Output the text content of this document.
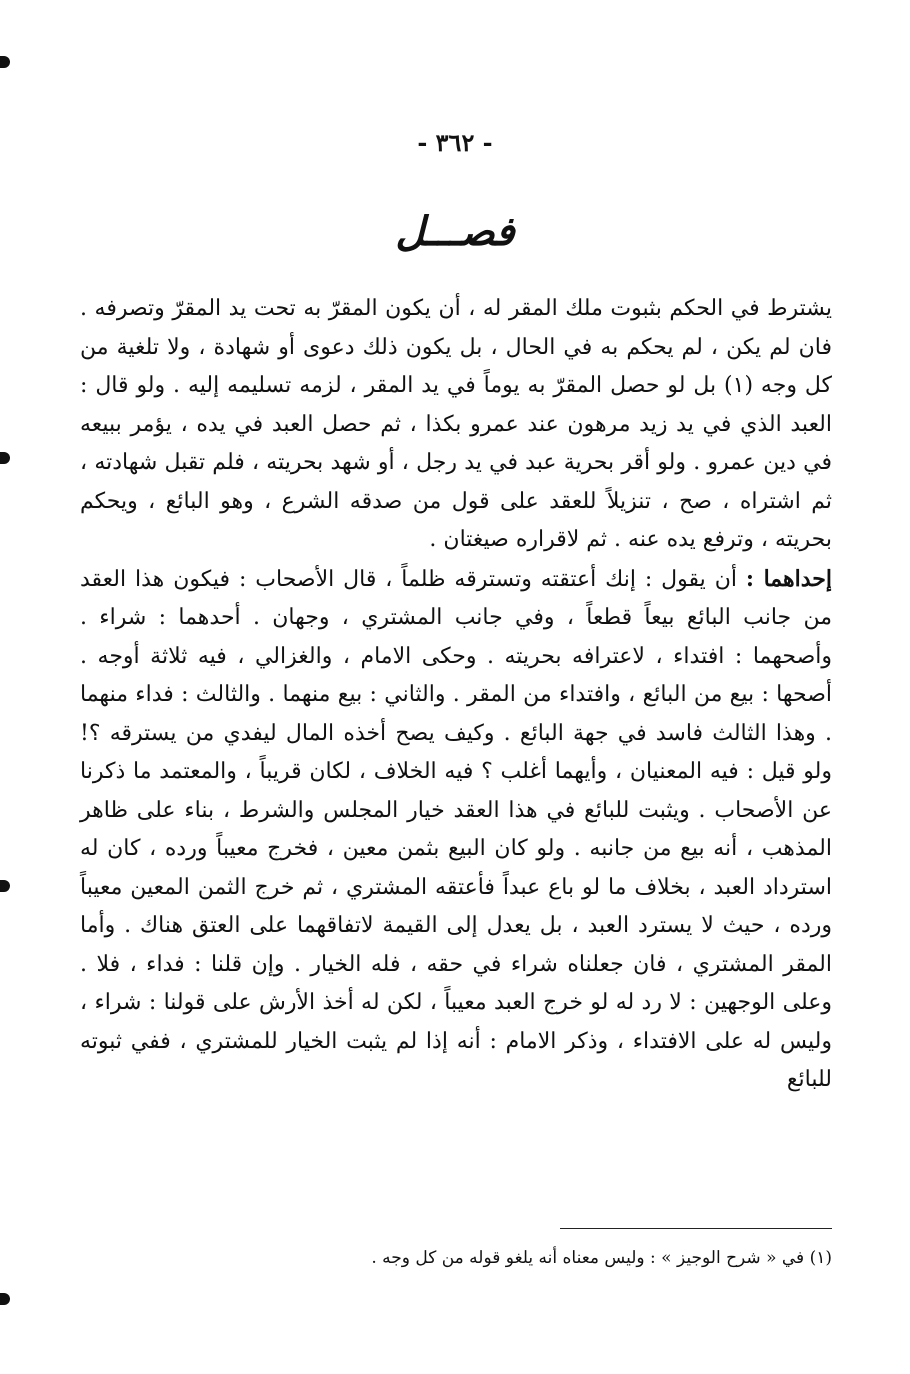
- ٣٦٢ -
فصـــل

يشترط في الحكم بثبوت ملك المقر له ، أن يكون المقرّ به تحت يد المقرّ وتصرفه . فان لم يكن ، لم يحكم به في الحال ، بل يكون ذلك دعوى أو شهادة ، ولا تلغية من كل وجه (١) بل لو حصل المقرّ به يوماً في يد المقر ، لزمه تسليمه إليه . ولو قال : العبد الذي في يد زيد مرهون عند عمرو بكذا ، ثم حصل العبد في يده ، يؤمر ببيعه في دين عمرو . ولو أقر بحرية عبد في يد رجل ، أو شهد بحريته ، فلم تقبل شهادته ، ثم اشتراه ، صح ، تنزيلاً للعقد على قول من صدقه الشرع ، وهو البائع ، ويحكم بحريته ، وترفع يده عنه . ثم لاقراره صيغتان .

إحداهما : أن يقول : إنك أعتقته وتسترقه ظلماً ، قال الأصحاب : فيكون هذا العقد من جانب البائع بيعاً قطعاً ، وفي جانب المشتري ، وجهان . أحدهما : شراء . وأصحهما : افتداء ، لاعترافه بحريته . وحكى الامام ، والغزالي ، فيه ثلاثة أوجه . أصحها : بيع من البائع ، وافتداء من المقر . والثاني : بيع منهما . والثالث : فداء منهما . وهذا الثالث فاسد في جهة البائع . وكيف يصح أخذه المال ليفدي من يسترقه ؟! ولو قيل : فيه المعنيان ، وأيهما أغلب ؟ فيه الخلاف ، لكان قريباً ، والمعتمد ما ذكرنا عن الأصحاب . ويثبت للبائع في هذا العقد خيار المجلس والشرط ، بناء على ظاهر المذهب ، أنه بيع من جانبه . ولو كان البيع بثمن معين ، فخرج معيباً ورده ، كان له استرداد العبد ، بخلاف ما لو باع عبداً فأعتقه المشتري ، ثم خرج الثمن المعين معيباً ورده ، حيث لا يسترد العبد ، بل يعدل إلى القيمة لاتفاقهما على العتق هناك . وأما المقر المشتري ، فان جعلناه شراء في حقه ، فله الخيار . وإن قلنا : فداء ، فلا . وعلى الوجهين : لا رد له لو خرج العبد معيباً ، لكن له أخذ الأرش على قولنا : شراء ، وليس له على الافتداء ، وذكر الامام : أنه إذا لم يثبت الخيار للمشتري ، ففي ثبوته للبائع

(١) في « شرح الوجيز » : وليس معناه أنه يلغو قوله من كل وجه .
